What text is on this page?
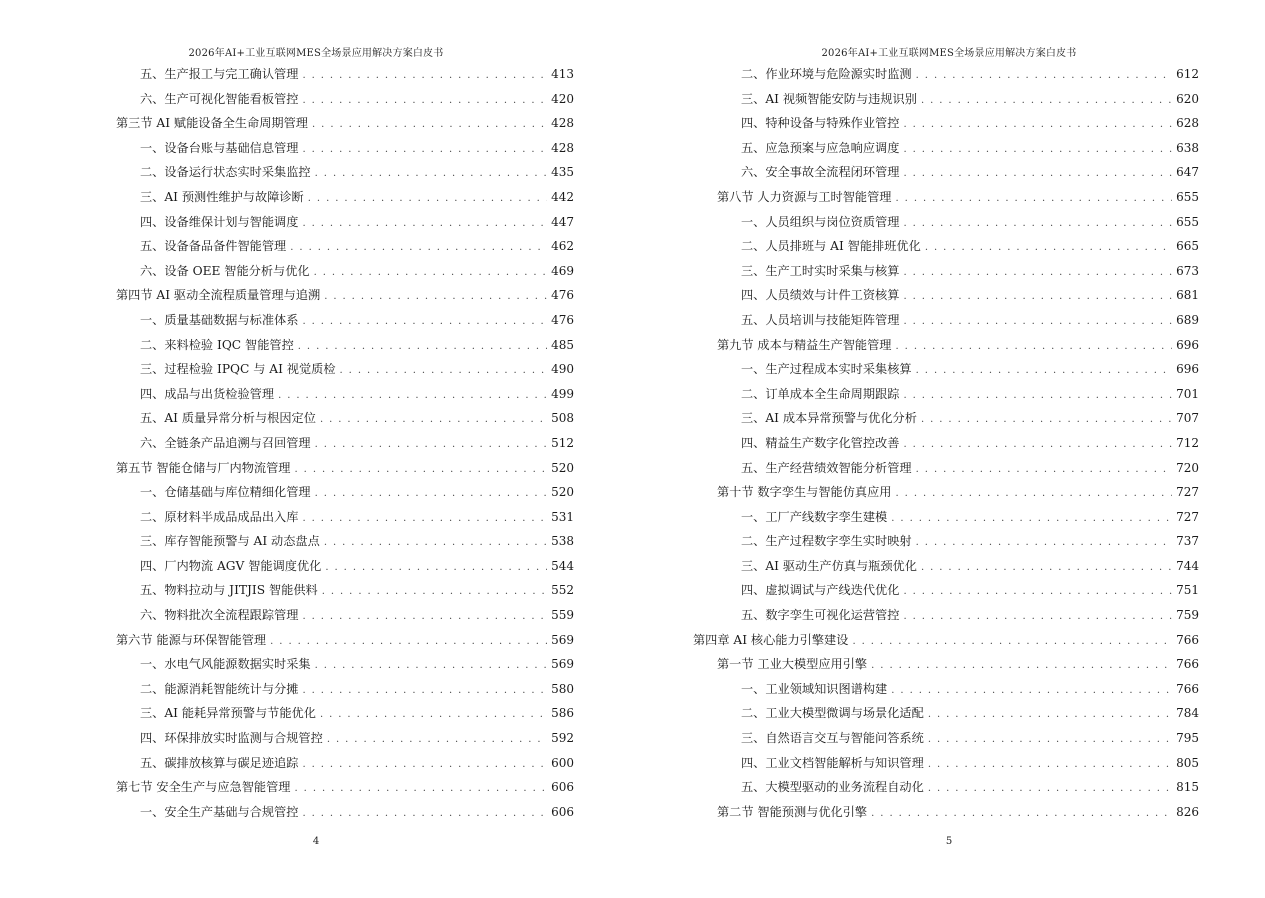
2026年AI+工业互联网MES全场景应用解决方案白皮书
五、生产报工与完工确认管理 . . .	413
六、生产可视化智能看板管控 . . .	420
第三节 AI 赋能设备全生命周期管理 . . .	428
一、设备台账与基础信息管理 . . .	428
二、设备运行状态实时采集监控 . . .	435
三、AI 预测性维护与故障诊断 . . .	442
四、设备维保计划与智能调度 . . .	447
五、设备备品备件智能管理 . . .	462
六、设备 OEE 智能分析与优化 . . .	469
第四节 AI 驱动全流程质量管理与追溯 . . .	476
一、质量基础数据与标准体系 . . .	476
二、来料检验 IQC 智能管控 . . .	485
三、过程检验 IPQC 与 AI 视觉质检 . . .	490
四、成品与出货检验管理 . . .	499
五、AI 质量异常分析与根因定位 . . .	508
六、全链条产品追溯与召回管理 . . .	512
第五节 智能仓储与厂内物流管理 . . .	520
一、仓储基础与库位精细化管理 . . .	520
二、原材料半成品成品出入库 . . .	531
三、库存智能预警与 AI 动态盘点 . . .	538
四、厂内物流 AGV 智能调度优化 . . .	544
五、物料拉动与 JITJIS 智能供料 . . .	552
六、物料批次全流程跟踪管理 . . .	559
第六节 能源与环保智能管理 . . .	569
一、水电气风能源数据实时采集 . . .	569
二、能源消耗智能统计与分摊 . . .	580
三、AI 能耗异常预警与节能优化 . . .	586
四、环保排放实时监测与合规管控 . . .	592
五、碳排放核算与碳足迹追踪 . . .	600
第七节 安全生产与应急智能管理 . . .	606
一、安全生产基础与合规管控 . . .	606
4
2026年AI+工业互联网MES全场景应用解决方案白皮书
二、作业环境与危险源实时监测 . . .	612
三、AI 视频智能安防与违规识别 . . .	620
四、特种设备与特殊作业管控 . . .	628
五、应急预案与应急响应调度 . . .	638
六、安全事故全流程闭环管理 . . .	647
第八节 人力资源与工时智能管理 . . .	655
一、人员组织与岗位资质管理 . . .	655
二、人员排班与 AI 智能排班优化 . . .	665
三、生产工时实时采集与核算 . . .	673
四、人员绩效与计件工资核算 . . .	681
五、人员培训与技能矩阵管理 . . .	689
第九节 成本与精益生产智能管理 . . .	696
一、生产过程成本实时采集核算 . . .	696
二、订单成本全生命周期跟踪 . . .	701
三、AI 成本异常预警与优化分析 . . .	707
四、精益生产数字化管控改善 . . .	712
五、生产经营绩效智能分析管理 . . .	720
第十节 数字孪生与智能仿真应用 . . .	727
一、工厂产线数字孪生建模 . . .	727
二、生产过程数字孪生实时映射 . . .	737
三、AI 驱动生产仿真与瓶颈优化 . . .	744
四、虚拟调试与产线迭代优化 . . .	751
五、数字孪生可视化运营管控 . . .	759
第四章 AI 核心能力引擎建设 . . .	766
第一节 工业大模型应用引擎 . . .	766
一、工业领域知识图谱构建 . . .	766
二、工业大模型微调与场景化适配 . . .	784
三、自然语言交互与智能问答系统 . . .	795
四、工业文档智能解析与知识管理 . . .	805
五、大模型驱动的业务流程自动化 . . .	815
第二节 智能预测与优化引擎 . . .	826
5
